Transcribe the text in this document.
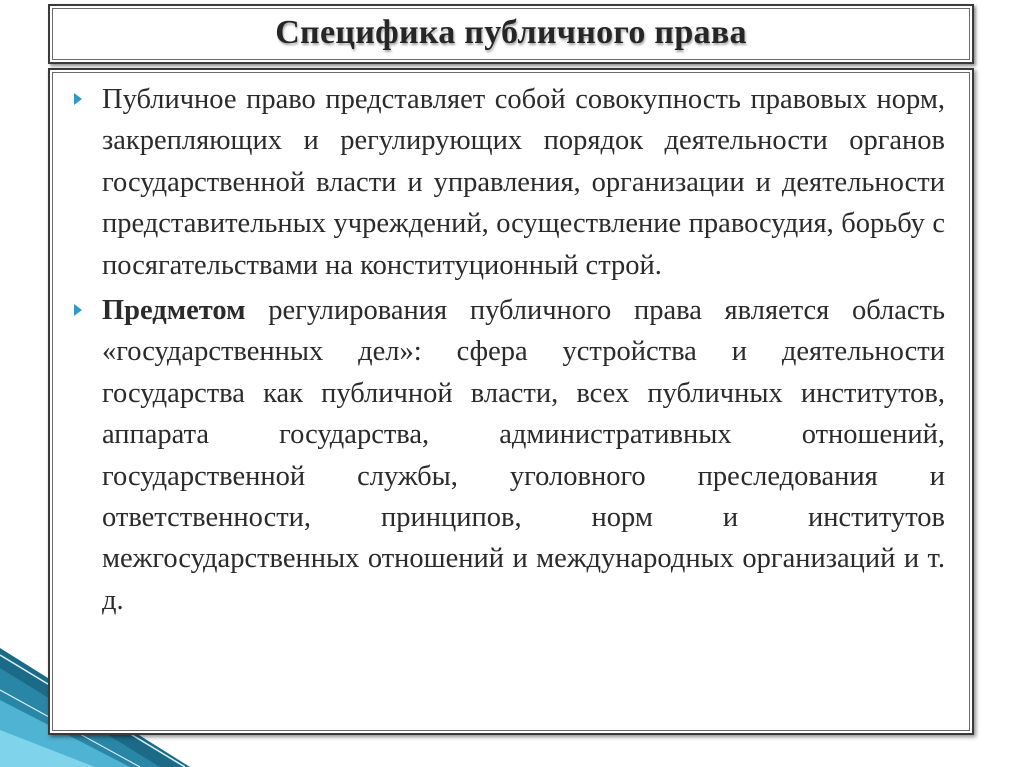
Специфика публичного права
Публичное право представляет собой совокупность правовых норм, закрепляющих и регулирующих порядок деятельности органов государственной власти и управления, организации и деятельности представительных учреждений, осуществление правосудия, борьбу с посягательствами на конституционный строй.
Предметом регулирования публичного права является область «государственных дел»: сфера устройства и деятельности государства как публичной власти, всех публичных институтов, аппарата государства, административных отношений, государственной службы, уголовного преследования и ответственности, принципов, норм и институтов межгосударственных отношений и международных организаций и т. д.
